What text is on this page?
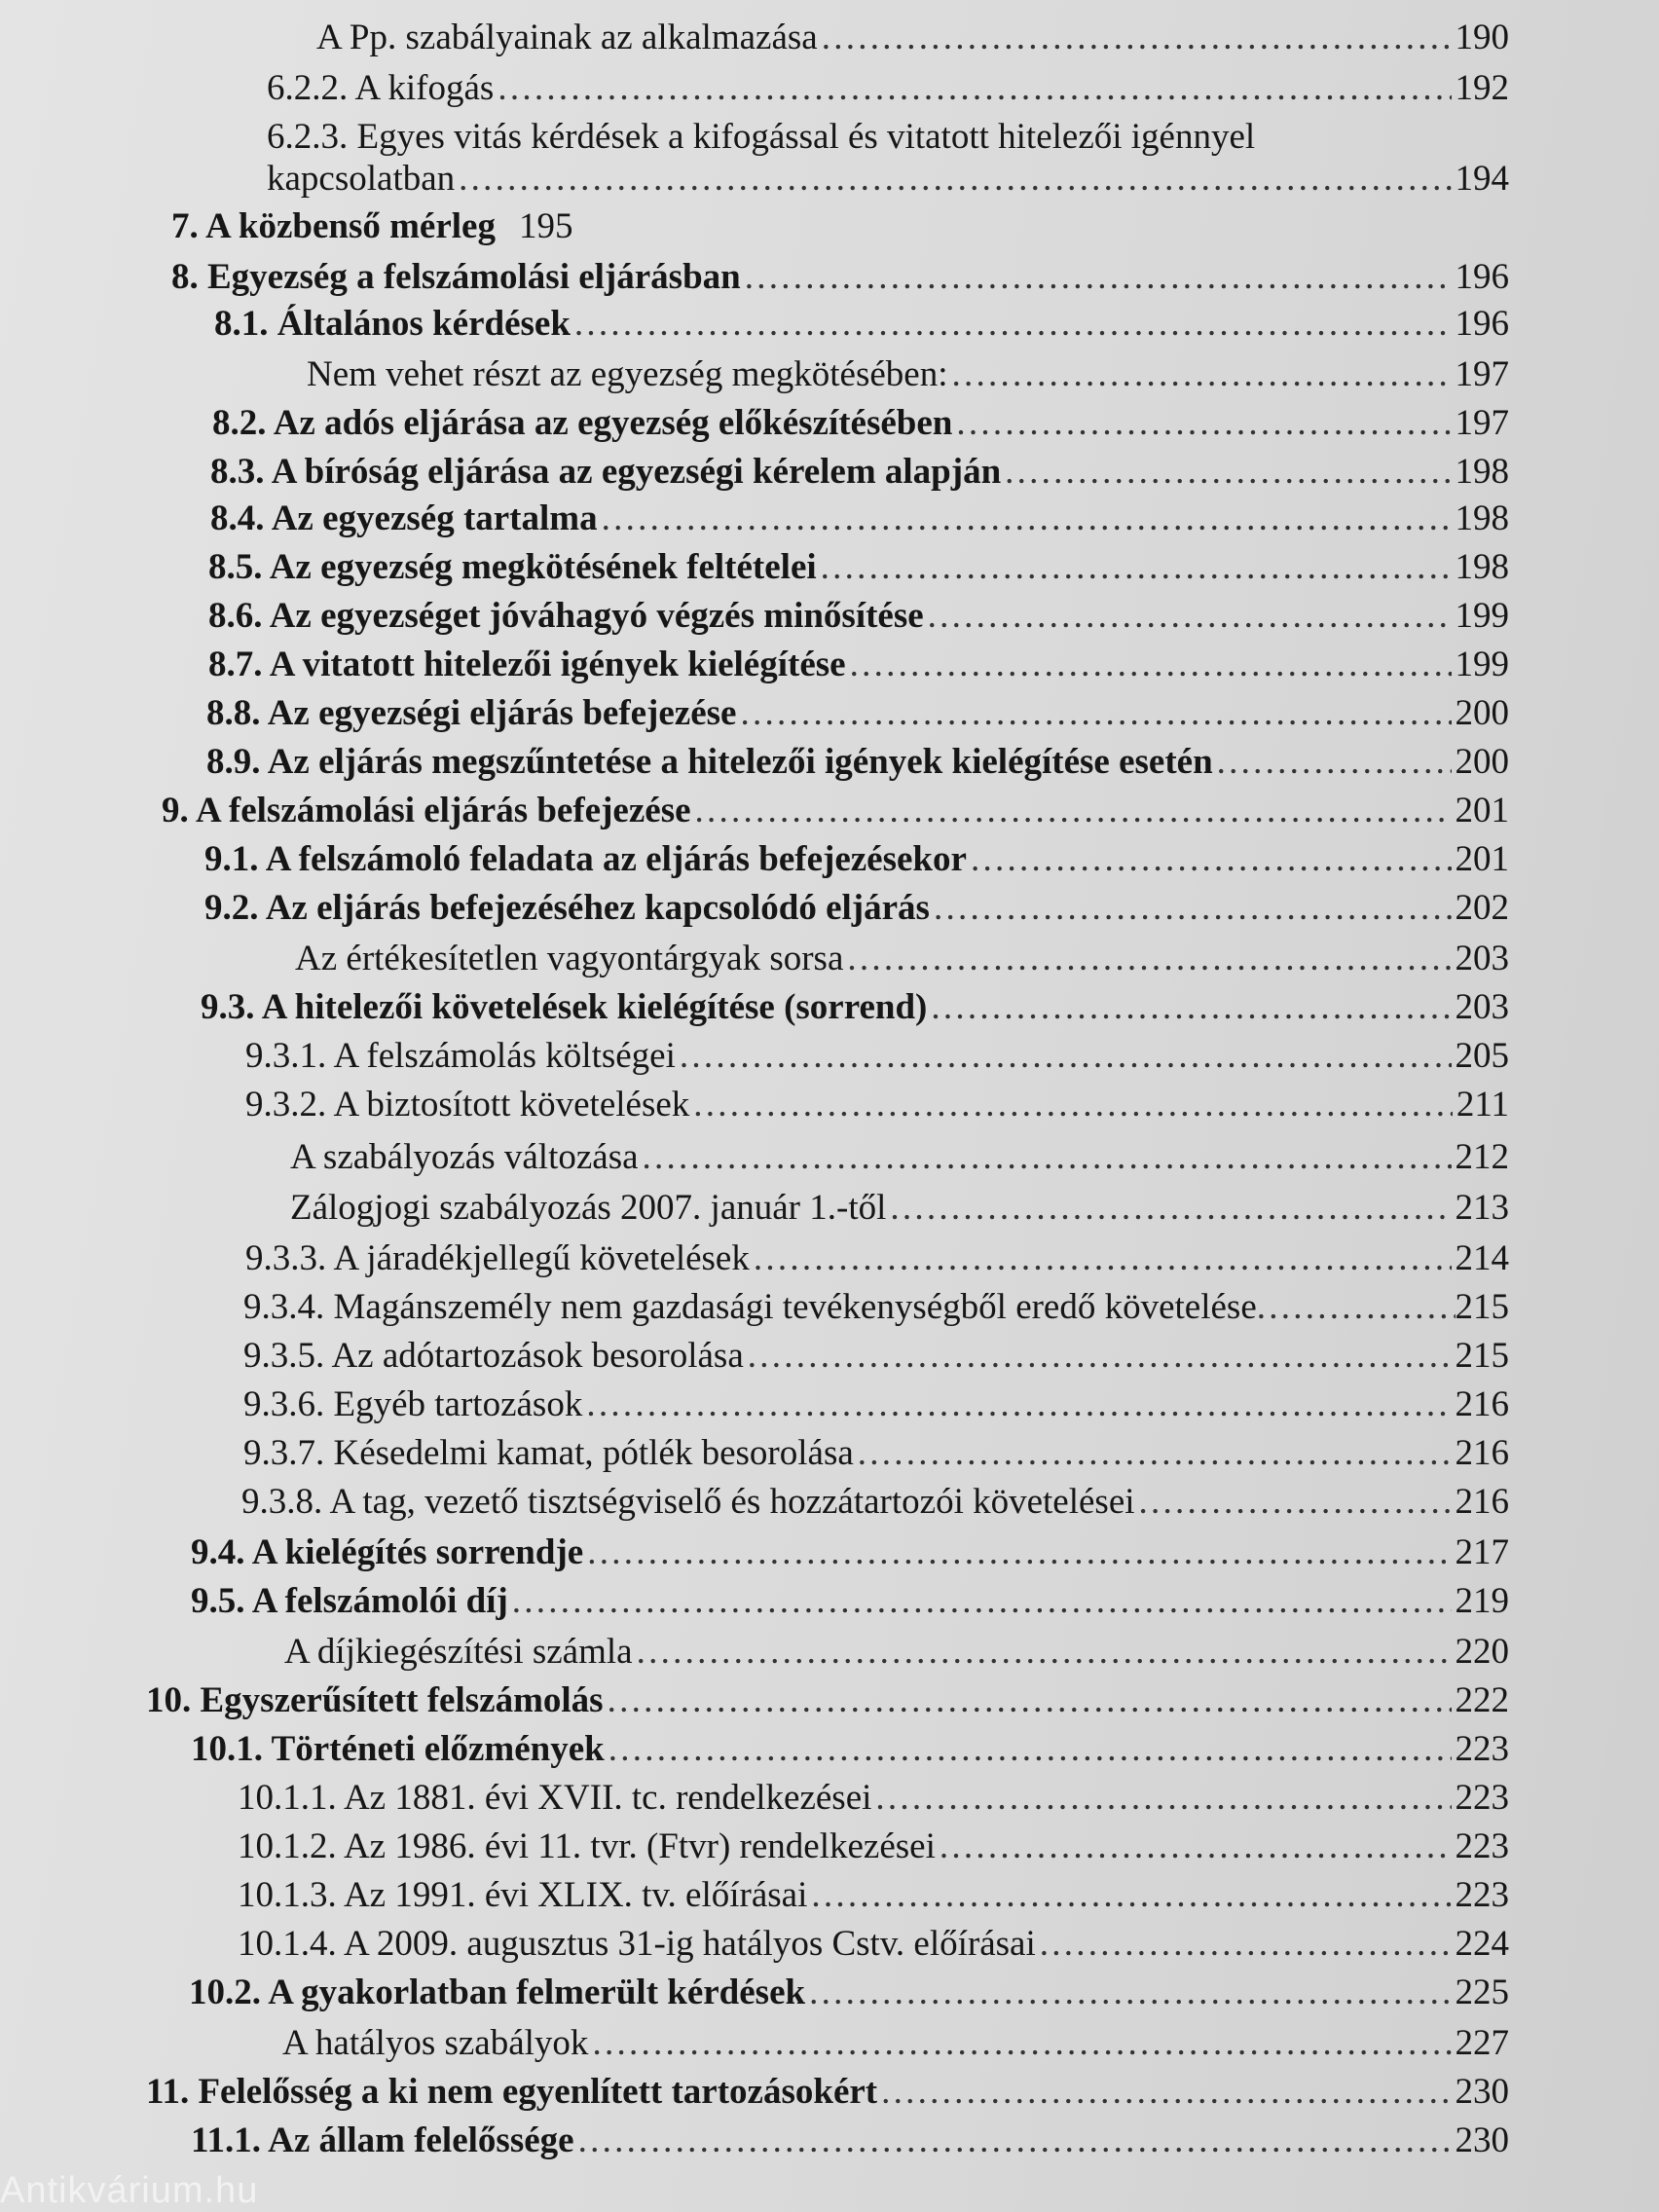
A Pp. szabályainak az alkalmazása . . .	190
6.2.2. A kifogás . . .	192
6.2.3. Egyes vitás kérdések a kifogással és vitatott hitelezői igénnyel
kapcsolatban . . .	194
7. A közbenső mérleg 195
8. Egyezség a felszámolási eljárásban . . .	196
8.1. Általános kérdések . . .	196
Nem vehet részt az egyezség megkötésében: . . .	197
8.2. Az adós eljárása az egyezség előkészítésében . . .	197
8.3. A bíróság eljárása az egyezségi kérelem alapján . . .	198
8.4. Az egyezség tartalma . . .	198
8.5. Az egyezség megkötésének feltételei . . .	198
8.6. Az egyezséget jóváhagyó végzés minősítése . . .	199
8.7. A vitatott hitelezői igények kielégítése . . .	199
8.8. Az egyezségi eljárás befejezése . . .	200
8.9. Az eljárás megszűntetése a hitelezői igények kielégítése esetén . . .	200
9. A felszámolási eljárás befejezése . . .	201
9.1. A felszámoló feladata az eljárás befejezésekor . . .	201
9.2. Az eljárás befejezéséhez kapcsolódó eljárás . . .	202
Az értékesítetlen vagyontárgyak sorsa . . .	203
9.3. A hitelezői követelések kielégítése (sorrend) . . .	203
9.3.1. A felszámolás költségei . . .	205
9.3.2. A biztosított követelések . . .	211
A szabályozás változása . . .	212
Zálogjogi szabályozás 2007. január 1.-től . . .	213
9.3.3. A járadékjellegű követelések . . .	214
9.3.4. Magánszemély nem gazdasági tevékenységből eredő követelése . . .	215
9.3.5. Az adótartozások besorolása . . .	215
9.3.6. Egyéb tartozások . . .	216
9.3.7. Késedelmi kamat, pótlék besorolása . . .	216
9.3.8. A tag, vezető tisztségviselő és hozzátartozói követelései . . .	216
9.4. A kielégítés sorrendje . . .	217
9.5. A felszámolói díj . . .	219
A díjkiegészítési számla . . .	220
10. Egyszerűsített felszámolás . . .	222
10.1. Történeti előzmények . . .	223
10.1.1. Az 1881. évi XVII. tc. rendelkezései . . .	223
10.1.2. Az 1986. évi 11. tvr. (Ftvr) rendelkezései . . .	223
10.1.3. Az 1991. évi XLIX. tv. előírásai . . .	223
10.1.4. A 2009. augusztus 31-ig hatályos Cstv. előírásai . . .	224
10.2. A gyakorlatban felmerült kérdések . . .	225
A hatályos szabályok . . .	227
11. Felelősség a ki nem egyenlített tartozásokért . . .	230
11.1. Az állam felelőssége . . .	230
Antikvárium.hu
